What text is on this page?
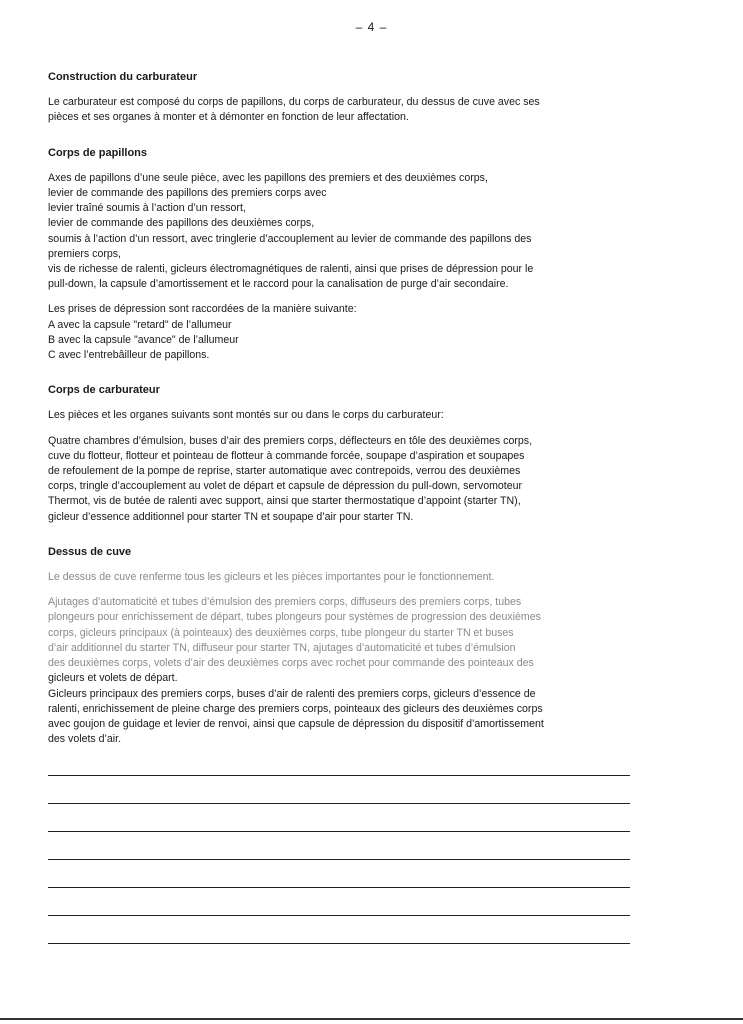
– 4 –
Construction du carburateur
Le carburateur est composé du corps de papillons, du corps de carburateur, du dessus de cuve avec ses
pièces et ses organes à monter et à démonter en fonction de leur affectation.
Corps de papillons
Axes de papillons d’une seule pièce, avec les papillons des premiers et des deuxièmes corps,
levier de commande des papillons des premiers corps avec
levier traîné soumis à l’action d’un ressort,
levier de commande des papillons des deuxièmes corps,
soumis à l’action d’un ressort, avec tringlerie d’accouplement au levier de commande des papillons des
premiers corps,
vis de richesse de ralenti, gicleurs électromagnétiques de ralenti, ainsi que prises de dépression pour le
pull-down, la capsule d’amortissement et le raccord pour la canalisation de purge d’air secondaire.
Les prises de dépression sont raccordées de la manière suivante:
A avec la capsule "retard" de l’allumeur
B avec la capsule "avance" de l’allumeur
C avec l’entrebâilleur de papillons.
Corps de carburateur
Les pièces et les organes suivants sont montés sur ou dans le corps du carburateur:
Quatre chambres d’émulsion, buses d’air des premiers corps, déflecteurs en tôle des deuxièmes corps,
cuve du flotteur, flotteur et pointeau de flotteur à commande forcée, soupape d’aspiration et soupapes
de refoulement de la pompe de reprise, starter automatique avec contrepoids, verrou des deuxièmes
corps, tringle d’accouplement au volet de départ et capsule de dépression du pull-down, servomoteur
Thermot, vis de butée de ralenti avec support, ainsi que starter thermostatique d’appoint (starter TN),
gicleur d’essence additionnel pour starter TN et soupape d’air pour starter TN.
Dessus de cuve
Le dessus de cuve renferme tous les gicleurs et les pièces importantes pour le fonctionnement.
Ajutages d’automaticité et tubes d’émulsion des premiers corps, diffuseurs des premiers corps, tubes
plongeurs pour enrichissement de départ, tubes plongeurs pour systèmes de progression des deuxièmes
corps, gicleurs principaux (à pointeaux) des deuxièmes corps, tube plongeur du starter TN et buses
d’air additionnel du starter TN, diffuseur pour starter TN, ajutages d’automaticité et tubes d’émulsion
des deuxièmes corps, volets d’air des deuxièmes corps avec rochet pour commande des pointeaux des
gicleurs et volets de départ.
Gicleurs principaux des premiers corps, buses d’air de ralenti des premiers corps, gicleurs d’essence de
ralenti, enrichissement de pleine charge des premiers corps, pointeaux des gicleurs des deuxièmes corps
avec goujon de guidage et levier de renvoi, ainsi que capsule de dépression du dispositif d’amortissement
des volets d’air.
